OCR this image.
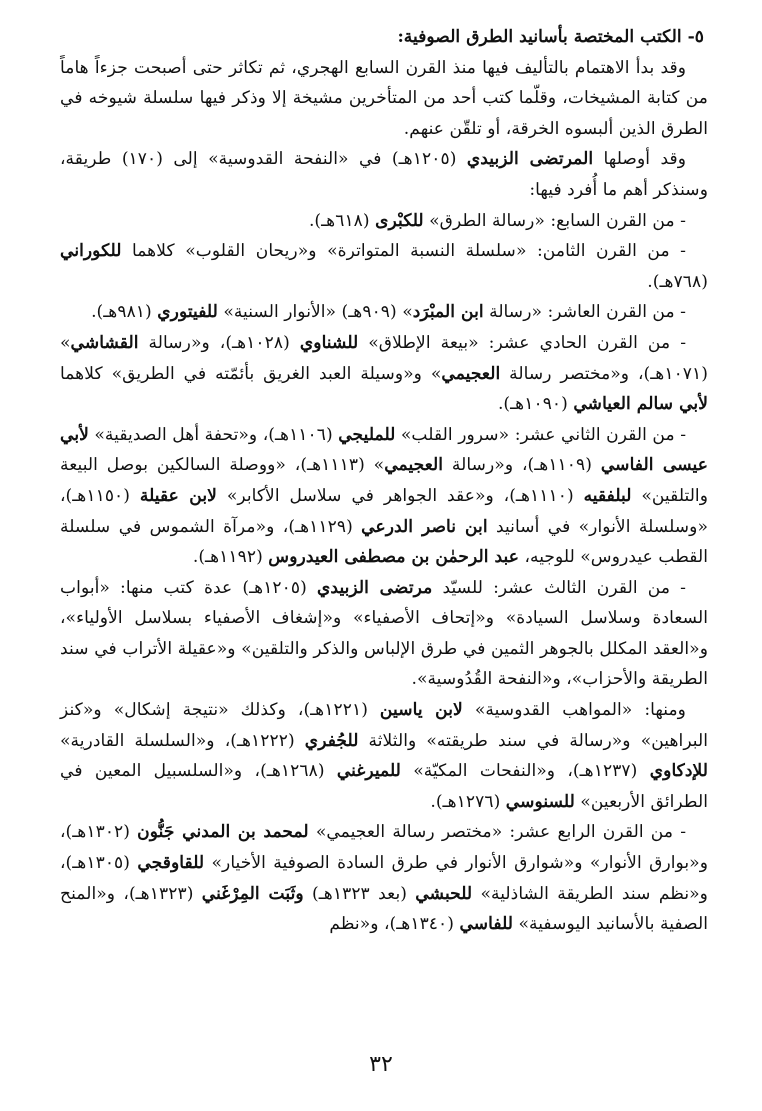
٥- الكتب المختصة بأسانيد الطرق الصوفية:

وقد بدأ الاهتمام بالتأليف فيها منذ القرن السابع الهجري، ثم تكاثر حتى أصبحت جزءاً هاماً من كتابة المشيخات، وقلّما كتب أحد من المتأخرين مشيخة إلا وذكر فيها سلسلة شيوخه في الطرق الذين ألبسوه الخرقة، أو تلقّن عنهم.

وقد أوصلها المرتضى الزبيدي (١٢٠٥هـ) في «النفحة القدوسية» إلى (١٧٠) طريقة، وسنذكر أهم ما أُفرد فيها:

- من القرن السابع: «رسالة الطرق» للكبْرى (٦١٨هـ).

- من القرن الثامن: «سلسلة النسبة المتواترة» و«ريحان القلوب» كلاهما للكوراني (٧٦٨هـ).

- من القرن العاشر: «رسالة ابن المبْرَد» (٩٠٩هـ) «الأنوار السنية» للفيتوري (٩٨١هـ).

- من القرن الحادي عشر: «بيعة الإطلاق» للشناوي (١٠٢٨هـ)، و«رسالة القشاشي» (١٠٧١هـ)، و«مختصر رسالة العجيمي» و«وسيلة العبد الغريق بأئمّته في الطريق» كلاهما لأبي سالم العياشي (١٠٩٠هـ).

- من القرن الثاني عشر: «سرور القلب» للمليجي (١١٠٦هـ)، و«تحفة أهل الصديقية» لأبي عيسى الفاسي (١١٠٩هـ)، و«رسالة العجيمي» (١١١٣هـ)، «ووصلة السالكين بوصل البيعة والتلقين» لبلفقيه (١١١٠هـ)، و«عقد الجواهر في سلاسل الأكابر» لابن عقيلة (١١٥٠هـ)، «وسلسلة الأنوار» في أسانيد ابن ناصر الدرعي (١١٢٩هـ)، و«مرآة الشموس في سلسلة القطب عيدروس» للوجيه، عبد الرحمٰن بن مصطفى العيدروس (١١٩٢هـ).

- من القرن الثالث عشر: للسيّد مرتضى الزبيدي (١٢٠٥هـ) عدة كتب منها: «أبواب السعادة وسلاسل السيادة» و«إتحاف الأصفياء» و«إشغاف الأصفياء بسلاسل الأولياء»، و«العقد المكلل بالجوهر الثمين في طرق الإلباس والذكر والتلقين» و«عقيلة الأتراب في سند الطريقة والأحزاب»، و«النفحة القُدُوسية».

ومنها: «المواهب القدوسية» لابن ياسين (١٢٢١هـ)، وكذلك «نتيجة إشكال» و«كنز البراهين» و«رسالة في سند طريقته» والثلاثة للجُفري (١٢٢٢هـ)، و«السلسلة القادرية» للإدكاوي (١٢٣٧هـ)، و«النفحات المكيّة» للميرغني (١٢٦٨هـ)، و«السلسبيل المعين في الطرائق الأربعين» للسنوسي (١٢٧٦هـ).

- من القرن الرابع عشر: «مختصر رسالة العجيمي» لمحمد بن المدني جَنُّون (١٣٠٢هـ)، و«بوارق الأنوار» و«شوارق الأنوار في طرق السادة الصوفية الأخيار» للقاوقجي (١٣٠٥هـ)، و«نظم سند الطريقة الشاذلية» للحبشي (بعد ١٣٢٣هـ) وثَبَت المِرْغَني (١٣٢٣هـ)، و«المنح الصفية بالأسانيد اليوسفية» للفاسي (١٣٤٠هـ)، و«نظم

٣٢
